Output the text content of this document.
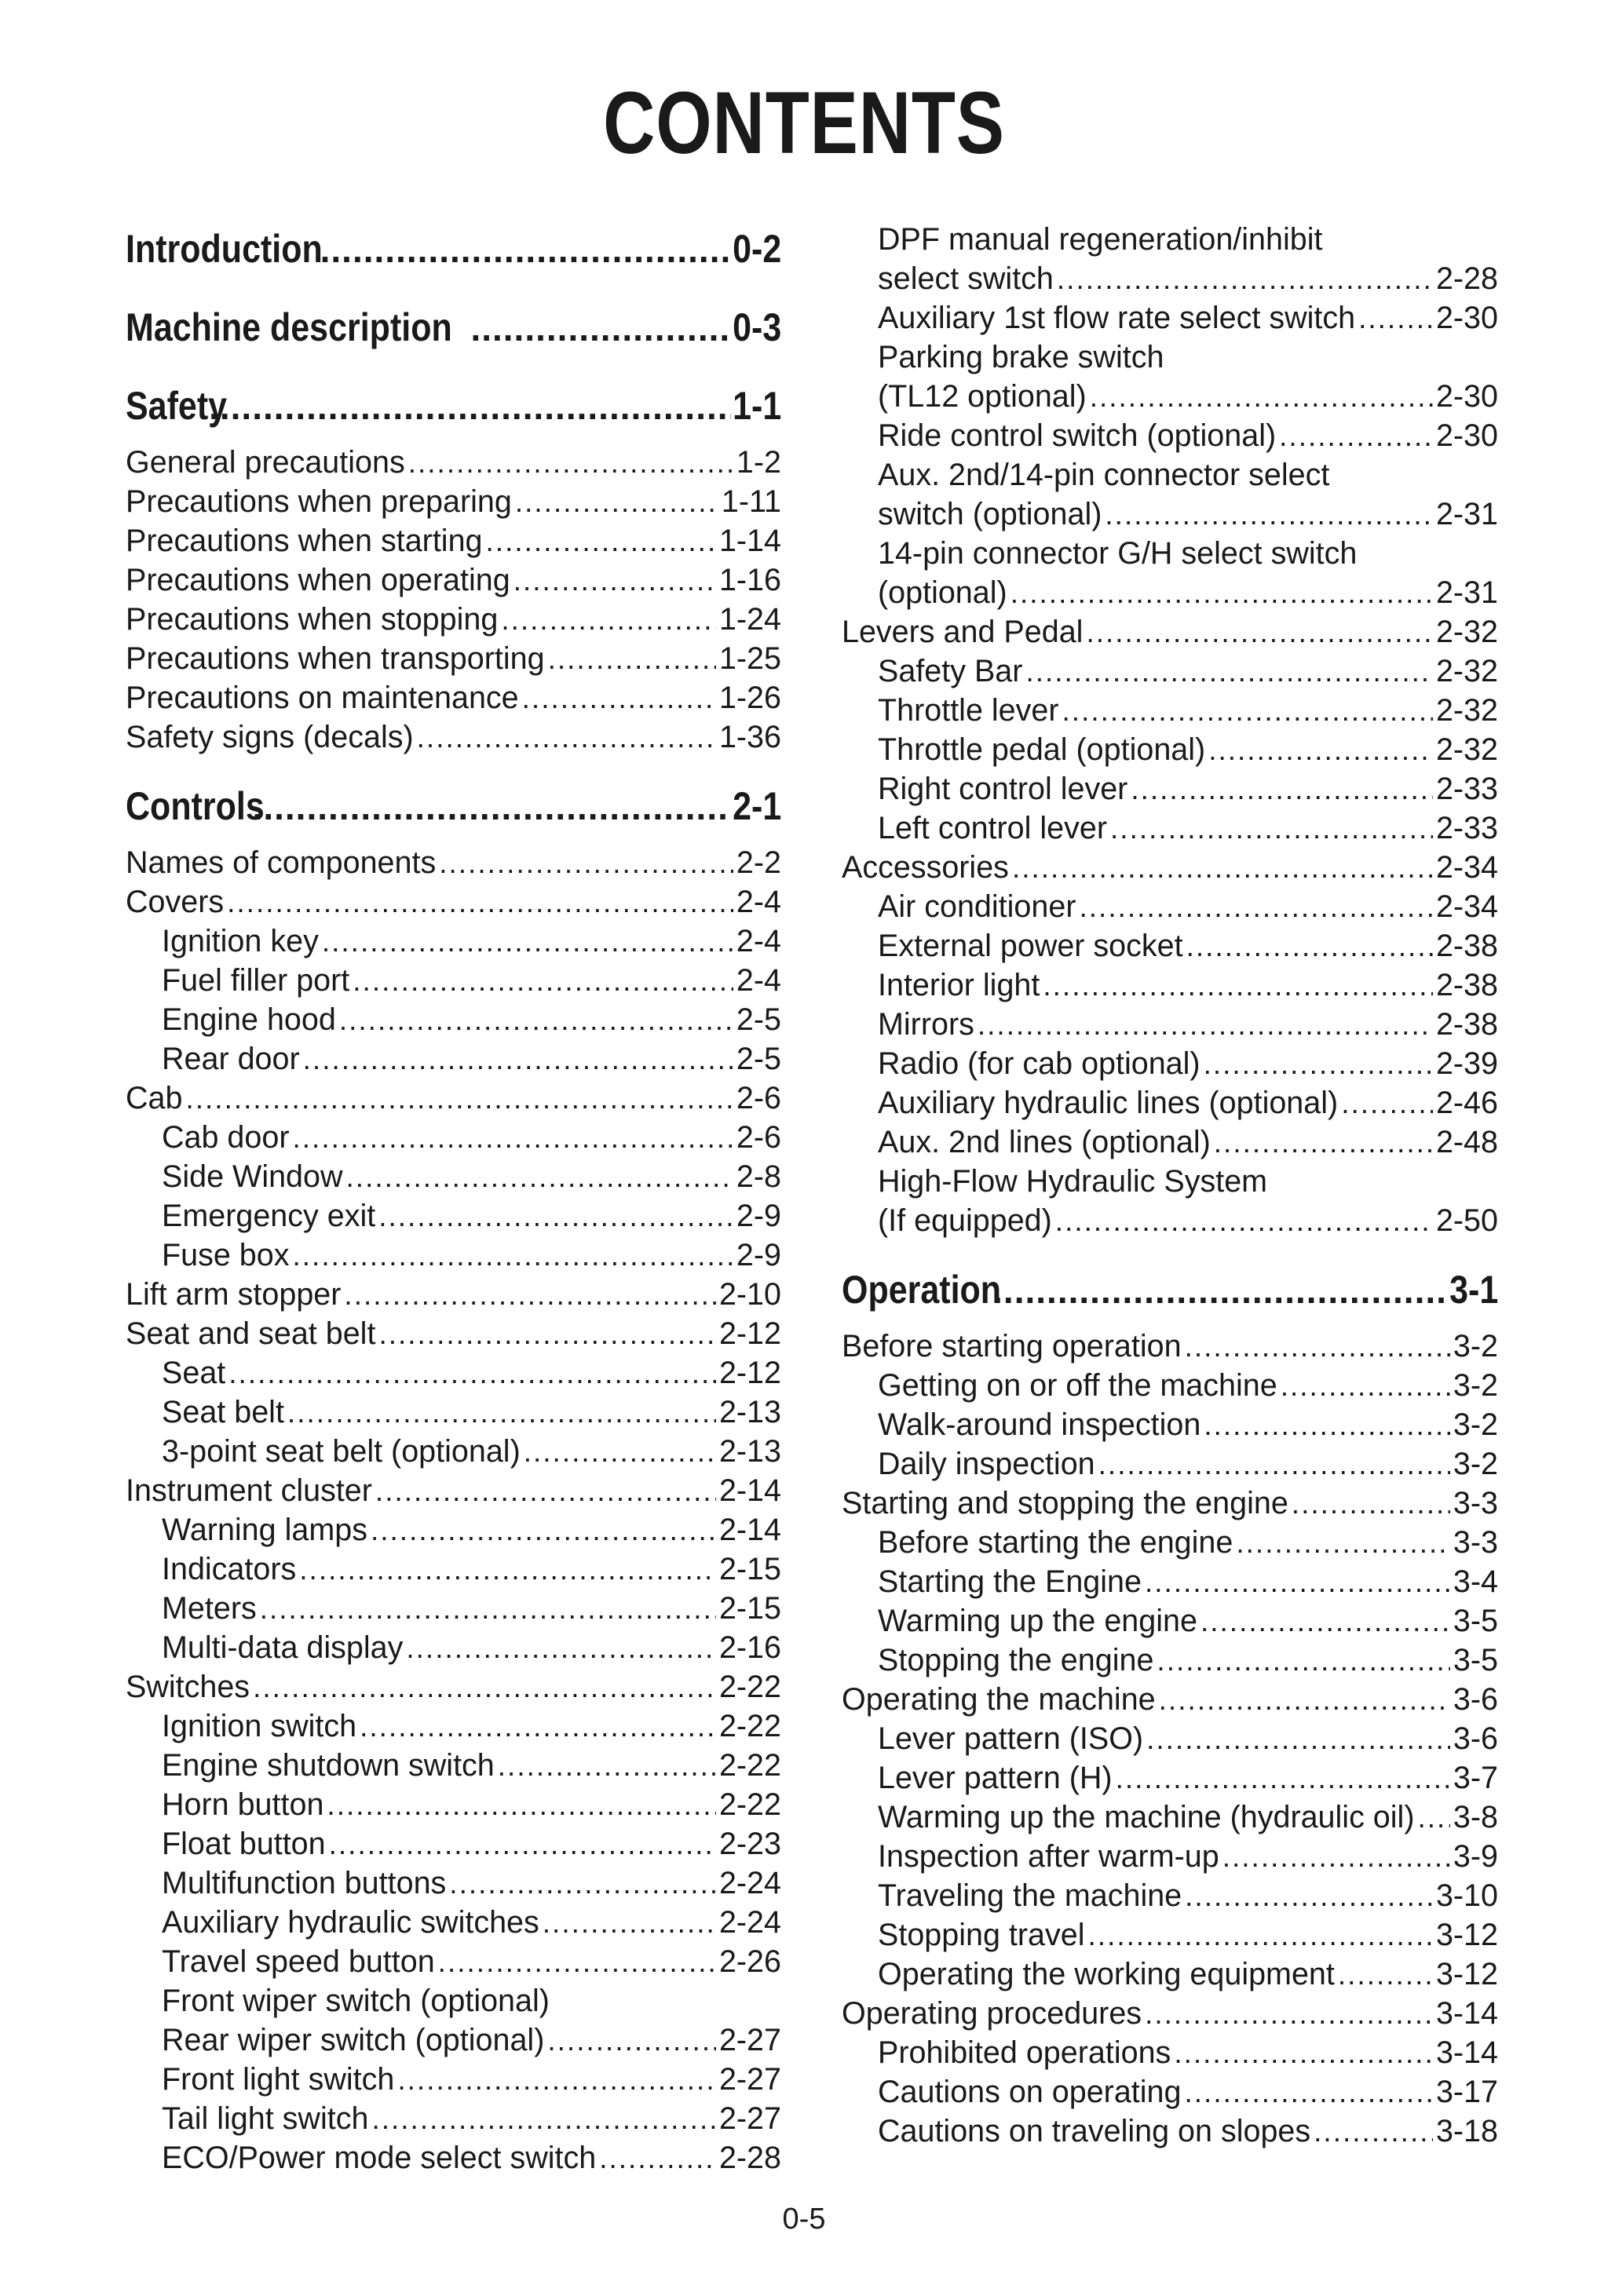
CONTENTS
Introduction .....	0-2
Machine description .....	0-3
Safety .....	1-1
General precautions .....	1-2
Precautions when preparing .....	1-11
Precautions when starting .....	1-14
Precautions when operating .....	1-16
Precautions when stopping .....	1-24
Precautions when transporting .....	1-25
Precautions on maintenance .....	1-26
Safety signs (decals) .....	1-36
Controls .....	2-1
Names of components .....	2-2
Covers .....	2-4
Ignition key .....	2-4
Fuel filler port .....	2-4
Engine hood .....	2-5
Rear door .....	2-5
Cab .....	2-6
Cab door .....	2-6
Side Window .....	2-8
Emergency exit .....	2-9
Fuse box .....	2-9
Lift arm stopper .....	2-10
Seat and seat belt .....	2-12
Seat .....	2-12
Seat belt .....	2-13
3-point seat belt (optional) .....	2-13
Instrument cluster .....	2-14
Warning lamps .....	2-14
Indicators .....	2-15
Meters .....	2-15
Multi-data display .....	2-16
Switches .....	2-22
Ignition switch .....	2-22
Engine shutdown switch .....	2-22
Horn button .....	2-22
Float button .....	2-23
Multifunction buttons .....	2-24
Auxiliary hydraulic switches .....	2-24
Travel speed button .....	2-26
Front wiper switch (optional)
Rear wiper switch (optional) .....	2-27
Front light switch .....	2-27
Tail light switch .....	2-27
ECO/Power mode select switch .....	2-28
DPF manual regeneration/inhibit
select switch .....	2-28
Auxiliary 1st flow rate select switch .....	2-30
Parking brake switch
(TL12 optional) .....	2-30
Ride control switch (optional) .....	2-30
Aux. 2nd/14-pin connector select
switch (optional) .....	2-31
14-pin connector G/H select switch
(optional) .....	2-31
Levers and Pedal .....	2-32
Safety Bar .....	2-32
Throttle lever .....	2-32
Throttle pedal (optional) .....	2-32
Right control lever .....	2-33
Left control lever .....	2-33
Accessories .....	2-34
Air conditioner .....	2-34
External power socket .....	2-38
Interior light .....	2-38
Mirrors .....	2-38
Radio (for cab optional) .....	2-39
Auxiliary hydraulic lines (optional) .....	2-46
Aux. 2nd lines (optional) .....	2-48
High-Flow Hydraulic System
(If equipped) .....	2-50
Operation .....	3-1
Before starting operation .....	3-2
Getting on or off the machine .....	3-2
Walk-around inspection .....	3-2
Daily inspection .....	3-2
Starting and stopping the engine .....	3-3
Before starting the engine .....	3-3
Starting the Engine .....	3-4
Warming up the engine .....	3-5
Stopping the engine .....	3-5
Operating the machine .....	3-6
Lever pattern (ISO) .....	3-6
Lever pattern (H) .....	3-7
Warming up the machine (hydraulic oil) ..... 3-8
Inspection after warm-up .....	3-9
Traveling the machine .....	3-10
Stopping travel .....	3-12
Operating the working equipment .....	3-12
Operating procedures .....	3-14
Prohibited operations .....	3-14
Cautions on operating .....	3-17
Cautions on traveling on slopes .....	3-18
0-5
